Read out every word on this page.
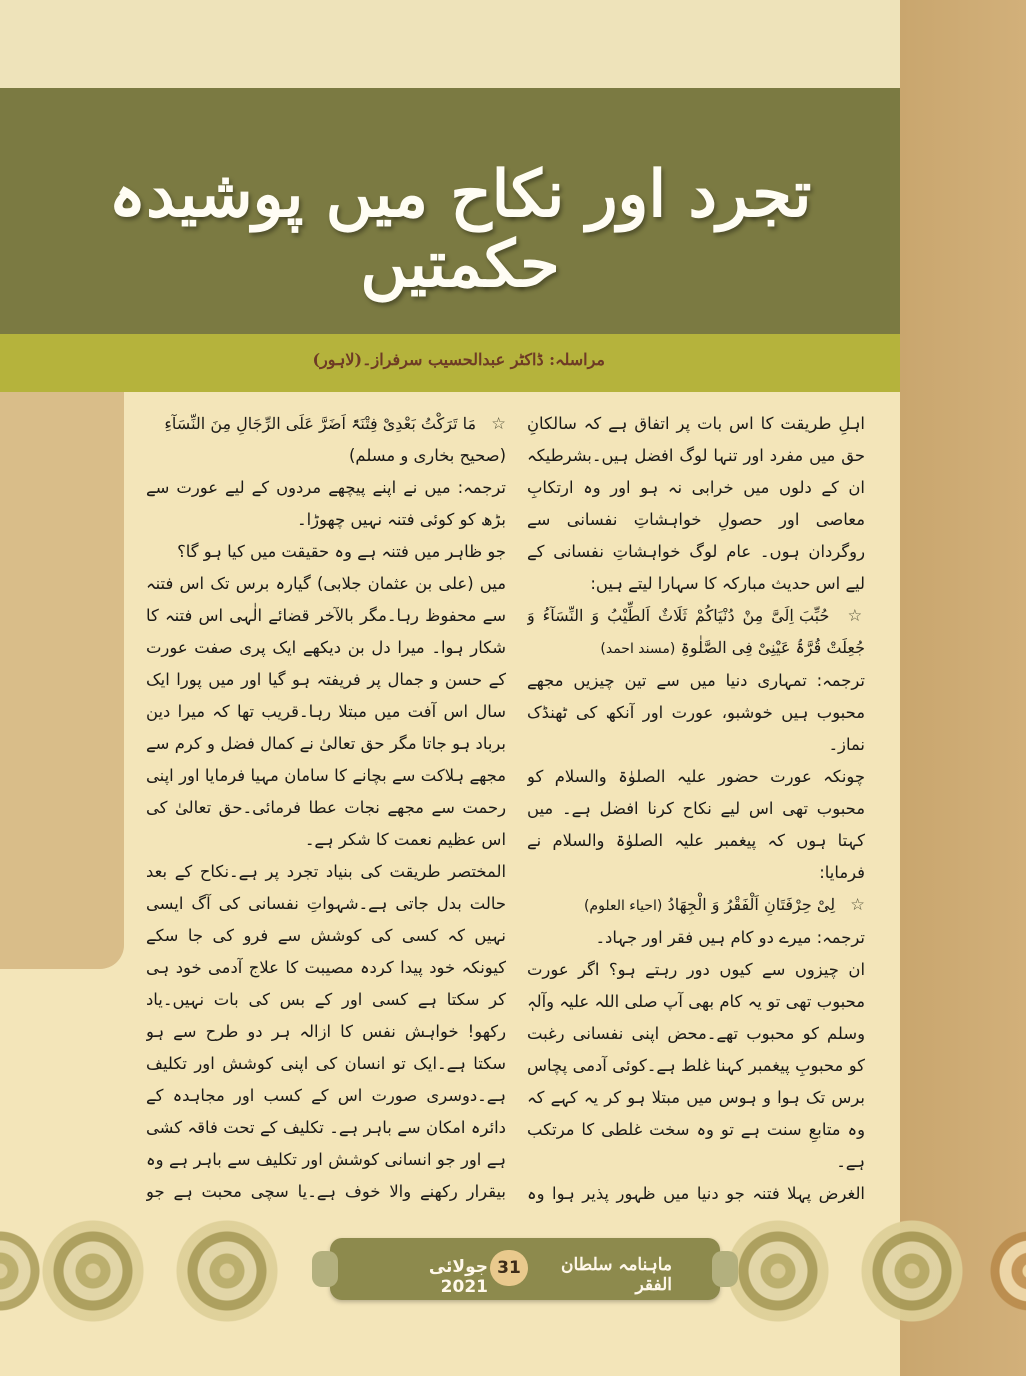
تجرد اور نکاح میں پوشیدہ حکمتیں
مراسلہ: ڈاکٹر عبدالحسیب سرفراز۔(لاہور)

اہلِ طریقت کا اس بات پر اتفاق ہے کہ سالکانِ حق میں مفرد اور تنہا لوگ افضل ہیں۔بشرطیکہ ان کے دلوں میں خرابی نہ ہو اور وہ ارتکابِ معاصی اور حصولِ خواہشاتِ نفسانی سے روگردان ہوں۔ عام لوگ خواہشاتِ نفسانی کے لیے اس حدیث مبارکہ کا سہارا لیتے ہیں:

☆ حُبِّبَ اِلَیَّ مِنْ دُنْیَاکُمْ ثَلَاثٌ اَلطِّیْبُ وَ النِّسَآءُ وَ جُعِلَتْ قُرَّۃُ عَیْنِیْ فِی الصَّلٰوۃِ (مسند احمد)

ترجمہ: تمہاری دنیا میں سے تین چیزیں مجھے محبوب ہیں خوشبو، عورت اور آنکھ کی ٹھنڈک نماز۔

چونکہ عورت حضور علیہ الصلوٰۃ والسلام کو محبوب تھی اس لیے نکاح کرنا افضل ہے۔ میں کہتا ہوں کہ پیغمبر علیہ الصلوٰۃ والسلام نے فرمایا:

☆ لِیْ حِرْفَتَانِ اَلْفَقْرُ وَ الْجِھَادُ (احیاء العلوم)

ترجمہ: میرے دو کام ہیں فقر اور جہاد۔

ان چیزوں سے کیوں دور رہتے ہو؟ اگر عورت محبوب تھی تو یہ کام بھی آپ صلی اللہ علیہ وآلہٖ وسلم کو محبوب تھے۔محض اپنی نفسانی رغبت کو محبوبِ پیغمبر کہنا غلط ہے۔کوئی آدمی پچاس برس تک ہوا و ہوس میں مبتلا ہو کر یہ کہے کہ وہ متابعِ سنت ہے تو وہ سخت غلطی کا مرتکب ہے۔

الغرض پہلا فتنہ جو دنیا میں ظہور پذیر ہوا وہ

☆ مَا تَرَکْتُ بَعْدِیْ فِتْنَۃً اَضَرَّ عَلَی الرِّجَالِ مِنَ النِّسَآءِ

(صحیح بخاری و مسلم)

ترجمہ: میں نے اپنے پیچھے مردوں کے لیے عورت سے بڑھ کو کوئی فتنہ نہیں چھوڑا۔

جو ظاہر میں فتنہ ہے وہ حقیقت میں کیا ہو گا؟

میں (علی بن عثمان جلابی) گیارہ برس تک اس فتنہ سے محفوظ رہا۔مگر بالآخر قضائے الٰہی اس فتنہ کا شکار ہوا۔ میرا دل بن دیکھے ایک پری صفت عورت کے حسن و جمال پر فریفتہ ہو گیا اور میں پورا ایک سال اس آفت میں مبتلا رہا۔قریب تھا کہ میرا دین برباد ہو جاتا مگر حق تعالیٰ نے کمال فضل و کرم سے مجھے ہلاکت سے بچانے کا سامان مہیا فرمایا اور اپنی رحمت سے مجھے نجات عطا فرمائی۔حق تعالیٰ کی اس عظیم نعمت کا شکر ہے۔

المختصر طریقت کی بنیاد تجرد پر ہے۔نکاح کے بعد حالت بدل جاتی ہے۔شہواتِ نفسانی کی آگ ایسی نہیں کہ کسی کی کوشش سے فرو کی جا سکے کیونکہ خود پیدا کردہ مصیبت کا علاج آدمی خود ہی کر سکتا ہے کسی اور کے بس کی بات نہیں۔یاد رکھو! خواہش نفس کا ازالہ ہر دو طرح سے ہو سکتا ہے۔ایک تو انسان کی اپنی کوشش اور تکلیف ہے۔دوسری صورت اس کے کسب اور مجاہدہ کے دائرہ امکان سے باہر ہے۔ تکلیف کے تحت فاقہ کشی ہے اور جو انسانی کوشش اور تکلیف سے باہر ہے وہ بیقرار رکھنے والا خوف ہے۔یا سچی محبت ہے جو

جولائی 2021
31	ماہنامہ سلطان الفقر
